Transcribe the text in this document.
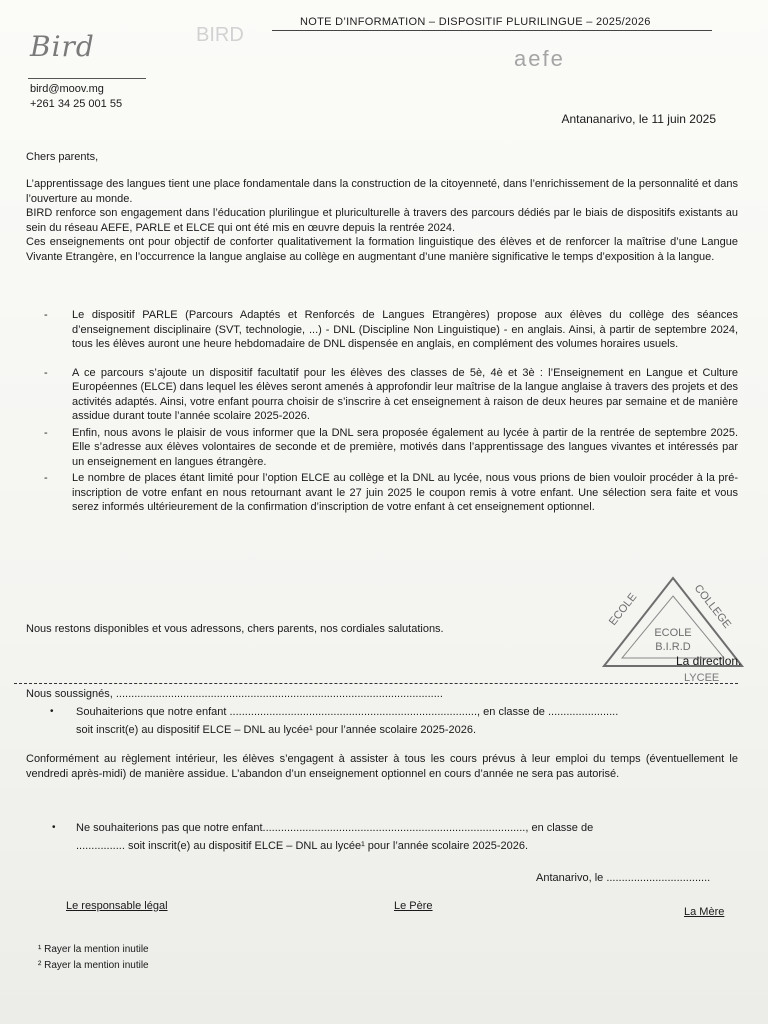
Bird	BIRD
bird@moov.mg
+261 34 25 001 55
NOTE D’INFORMATION – DISPOSITIF PLURILINGUE – 2025/2026
aefe
Antananarivo, le 11 juin 2025
Chers parents,

L’apprentissage des langues tient une place fondamentale dans la construction de la citoyenneté, dans l’enrichissement de la personnalité et dans l’ouverture au monde.

BIRD renforce son engagement dans l’éducation plurilingue et pluriculturelle à travers des parcours dédiés par le biais de dispositifs existants au sein du réseau AEFE, PARLE et ELCE qui ont été mis en œuvre depuis la rentrée 2024.

Ces enseignements ont pour objectif de conforter qualitativement la formation linguistique des élèves et de renforcer la maîtrise d’une Langue Vivante Etrangère, en l’occurrence la langue anglaise au collège en augmentant d’une manière significative le temps d’exposition à la langue.

- Le dispositif PARLE (Parcours Adaptés et Renforcés de Langues Etrangères) propose aux élèves du collège des séances d’enseignement disciplinaire (SVT, technologie, ...) - DNL (Discipline Non Linguistique) - en anglais. Ainsi, à partir de septembre 2024, tous les élèves auront une heure hebdomadaire de DNL dispensée en anglais, en complément des volumes horaires usuels.
- A ce parcours s’ajoute un dispositif facultatif pour les élèves des classes de 5è, 4è et 3è : l’Enseignement en Langue et Culture Européennes (ELCE) dans lequel les élèves seront amenés à approfondir leur maîtrise de la langue anglaise à travers des projets et des activités adaptés. Ainsi, votre enfant pourra choisir de s’inscrire à cet enseignement à raison de deux heures par semaine et de manière assidue durant toute l’année scolaire 2025-2026.
- Enfin, nous avons le plaisir de vous informer que la DNL sera proposée également au lycée à partir de la rentrée de septembre 2025. Elle s’adresse aux élèves volontaires de seconde et de première, motivés dans l’apprentissage des langues vivantes et intéressés par un enseignement en langues étrangère.
- Le nombre de places étant limité pour l’option ELCE au collège et la DNL au lycée, nous vous prions de bien vouloir procéder à la pré-inscription de votre enfant en nous retournant avant le 27 juin 2025 le coupon remis à votre enfant. Une sélection sera faite et vous serez informés ultérieurement de la confirmation d’inscription de votre enfant à cet enseignement optionnel.
Nous restons disponibles et vous adressons, chers parents, nos cordiales salutations.
ECOLE	COLLEGE
ECOLE
B.I.R.D
La direction.
LYCEE
Nous soussignés, ...........................................................................................................
• Souhaiterions que notre enfant ................................................................................., en classe de .......................
soit inscrit(e) au dispositif ELCE – DNL au lycée¹ pour l’année scolaire 2025-2026.
Conformément au règlement intérieur, les élèves s’engagent à assister à tous les cours prévus à leur emploi du temps (éventuellement le vendredi après-midi) de manière assidue. L’abandon d’un enseignement optionnel en cours d’année ne sera pas autorisé.
• Ne souhaiterions pas que notre enfant......................................................................................, en classe de
................ soit inscrit(e) au dispositif ELCE – DNL au lycée¹ pour l’année scolaire 2025-2026.
Antanarivo, le ..................................
Le responsable légal	Le Père	La Mère
¹ Rayer la mention inutile
² Rayer la mention inutile
